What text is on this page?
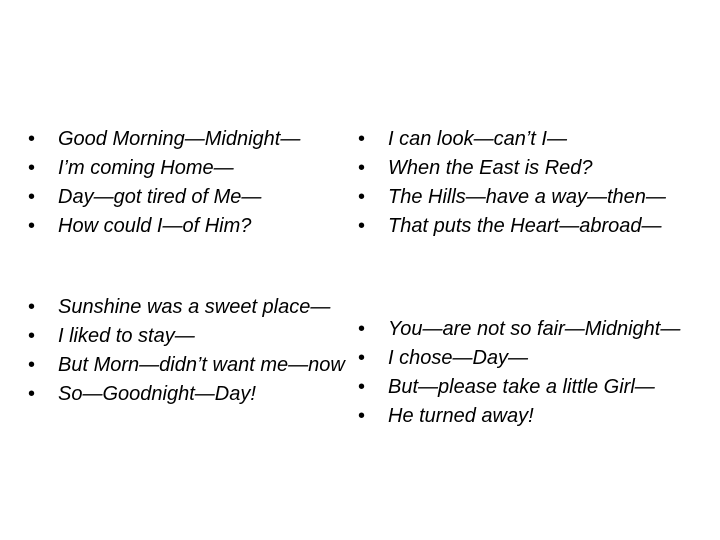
• Good Morning—Midnight—
• I’m coming Home—
• Day—got tired of Me—
• How could I—of Him?
• Sunshine was a sweet place—
• I liked to stay—
• But Morn—didn’t want me—now
• So—Goodnight—Day!
• I can look—can’t I—
• When the East is Red?
• The Hills—have a way—then—
• That puts the Heart—abroad—
• You—are not so fair—Midnight—
• I chose—Day—
• But—please take a little Girl—
• He turned away!
